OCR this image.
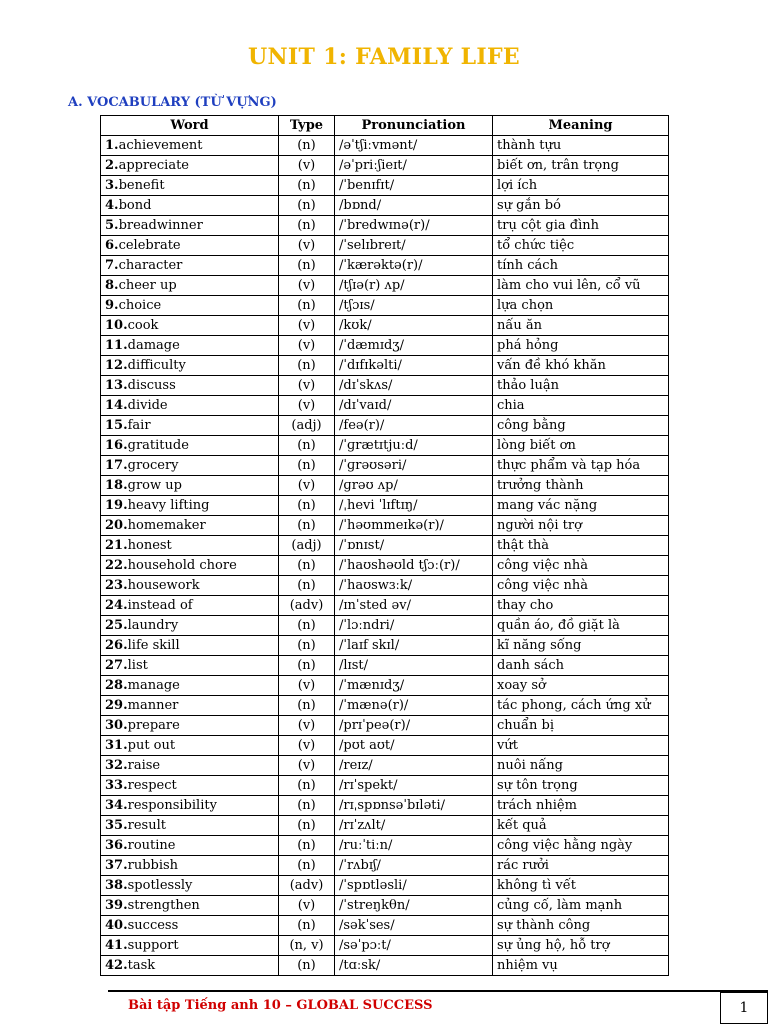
UNIT 1: FAMILY LIFE
A. VOCABULARY (TỪ VỰNG)
Word	Type	Pronunciation	Meaning
1.achievement	(n)	/əˈtʃiːvmənt/	thành tựu
2.appreciate	(v)	/əˈpriːʃieɪt/	biết ơn, trân trọng
3.benefit	(n)	/ˈbenɪfɪt/	lợi ích
4.bond	(n)	/bɒnd/	sự gắn bó
5.breadwinner	(n)	/ˈbredwɪnə(r)/	trụ cột gia đình
6.celebrate	(v)	/ˈselɪbreɪt/	tổ chức tiệc
7.character	(n)	/ˈkærəktə(r)/	tính cách
8.cheer up	(v)	/tʃɪə(r) ʌp/	làm cho vui lên, cổ vũ
9.choice	(n)	/tʃɔɪs/	lựa chọn
10.cook	(v)	/kʊk/	nấu ăn
11.damage	(v)	/ˈdæmɪdʒ/	phá hỏng
12.difficulty	(n)	/ˈdɪfɪkəlti/	vấn đề khó khăn
13.discuss	(v)	/dɪˈskʌs/	thảo luận
14.divide	(v)	/dɪˈvaɪd/	chia
15.fair	(adj)	/feə(r)/	công bằng
16.gratitude	(n)	/ˈɡrætɪtjuːd/	lòng biết ơn
17.grocery	(n)	/ˈɡrəʊsəri/	thực phẩm và tạp hóa
18.grow up	(v)	/ɡrəʊ ʌp/	trưởng thành
19.heavy lifting	(n)	/ˌhevi ˈlɪftɪŋ/	mang vác nặng
20.homemaker	(n)	/ˈhəʊmmeɪkə(r)/	người nội trợ
21.honest	(adj)	/ˈɒnɪst/	thật thà
22.household chore	(n)	/ˈhaʊshəʊld tʃɔː(r)/	công việc nhà
23.housework	(n)	/ˈhaʊswɜːk/	công việc nhà
24.instead of	(adv)	/ɪnˈsted əv/	thay cho
25.laundry	(n)	/ˈlɔːndri/	quần áo, đồ giặt là
26.life skill	(n)	/ˈlaɪf skɪl/	kĩ năng sống
27.list	(n)	/lɪst/	danh sách
28.manage	(v)	/ˈmænɪdʒ/	xoay sở
29.manner	(n)	/ˈmænə(r)/	tác phong, cách ứng xử
30.prepare	(v)	/prɪˈpeə(r)/	chuẩn bị
31.put out	(v)	/pʊt aʊt/	vứt
32.raise	(v)	/reɪz/	nuôi nấng
33.respect	(n)	/rɪˈspekt/	sự tôn trọng
34.responsibility	(n)	/rɪˌspɒnsəˈbɪləti/	trách nhiệm
35.result	(n)	/rɪˈzʌlt/	kết quả
36.routine	(n)	/ruːˈtiːn/	công việc hằng ngày
37.rubbish	(n)	/ˈrʌbɪʃ/	rác rưởi
38.spotlessly	(adv)	/ˈspɒtləsli/	không tì vết
39.strengthen	(v)	/ˈstreŋkθn/	củng cố, làm mạnh
40.success	(n)	/səkˈses/	sự thành công
41.support	(n, v)	/səˈpɔːt/	sự ủng hộ, hỗ trợ
42.task	(n)	/tɑːsk/	nhiệm vụ
Bài tập Tiếng anh 10 – GLOBAL SUCCESS	1
